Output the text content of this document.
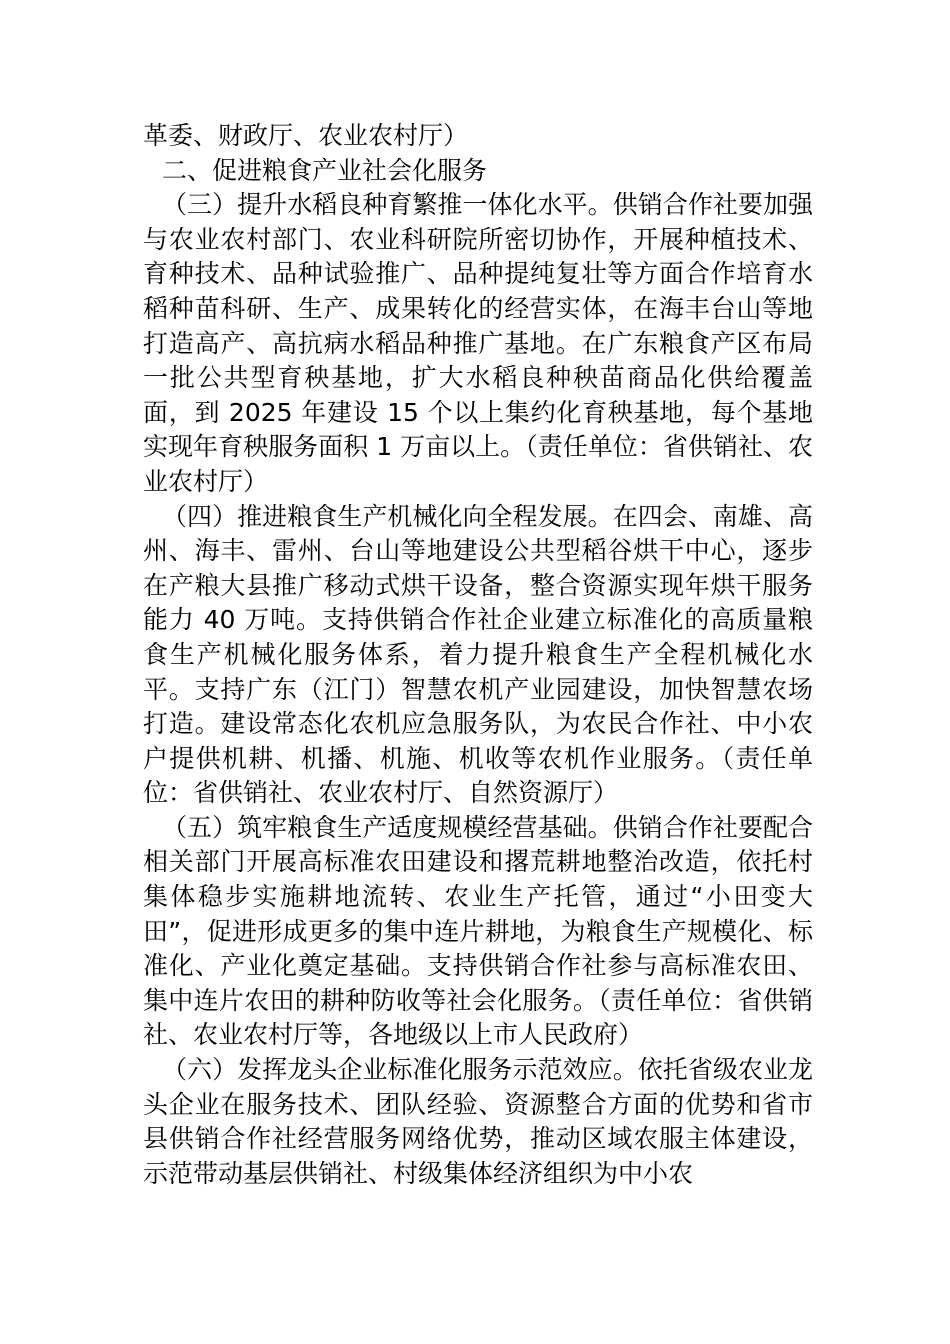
革委、财政厅、农业农村厅）

二、促进粮食产业社会化服务

（三）提升水稻良种育繁推一体化水平。供销合作社要加强与农业农村部门、农业科研院所密切协作，开展种植技术、育种技术、品种试验推广、品种提纯复壮等方面合作培育水稻种苗科研、生产、成果转化的经营实体，在海丰台山等地打造高产、高抗病水稻品种推广基地。在广东粮食产区布局一批公共型育秧基地，扩大水稻良种秧苗商品化供给覆盖面，到 2025 年建设 15 个以上集约化育秧基地，每个基地实现年育秧服务面积 1 万亩以上。（责任单位：省供销社、农业农村厅）

（四）推进粮食生产机械化向全程发展。在四会、南雄、高州、海丰、雷州、台山等地建设公共型稻谷烘干中心，逐步在产粮大县推广移动式烘干设备，整合资源实现年烘干服务能力 40 万吨。支持供销合作社企业建立标准化的高质量粮食生产机械化服务体系，着力提升粮食生产全程机械化水平。支持广东（江门）智慧农机产业园建设，加快智慧农场打造。建设常态化农机应急服务队，为农民合作社、中小农户提供机耕、机播、机施、机收等农机作业服务。（责任单位：省供销社、农业农村厅、自然资源厅）

（五）筑牢粮食生产适度规模经营基础。供销合作社要配合相关部门开展高标准农田建设和撂荒耕地整治改造，依托村集体稳步实施耕地流转、农业生产托管，通过“小田变大田”，促进形成更多的集中连片耕地，为粮食生产规模化、标准化、产业化奠定基础。支持供销合作社参与高标准农田、集中连片农田的耕种防收等社会化服务。（责任单位：省供销社、农业农村厅等，各地级以上市人民政府）

（六）发挥龙头企业标准化服务示范效应。依托省级农业龙头企业在服务技术、团队经验、资源整合方面的优势和省市县供销合作社经营服务网络优势，推动区域农服主体建设，示范带动基层供销社、村级集体经济组织为中小农
